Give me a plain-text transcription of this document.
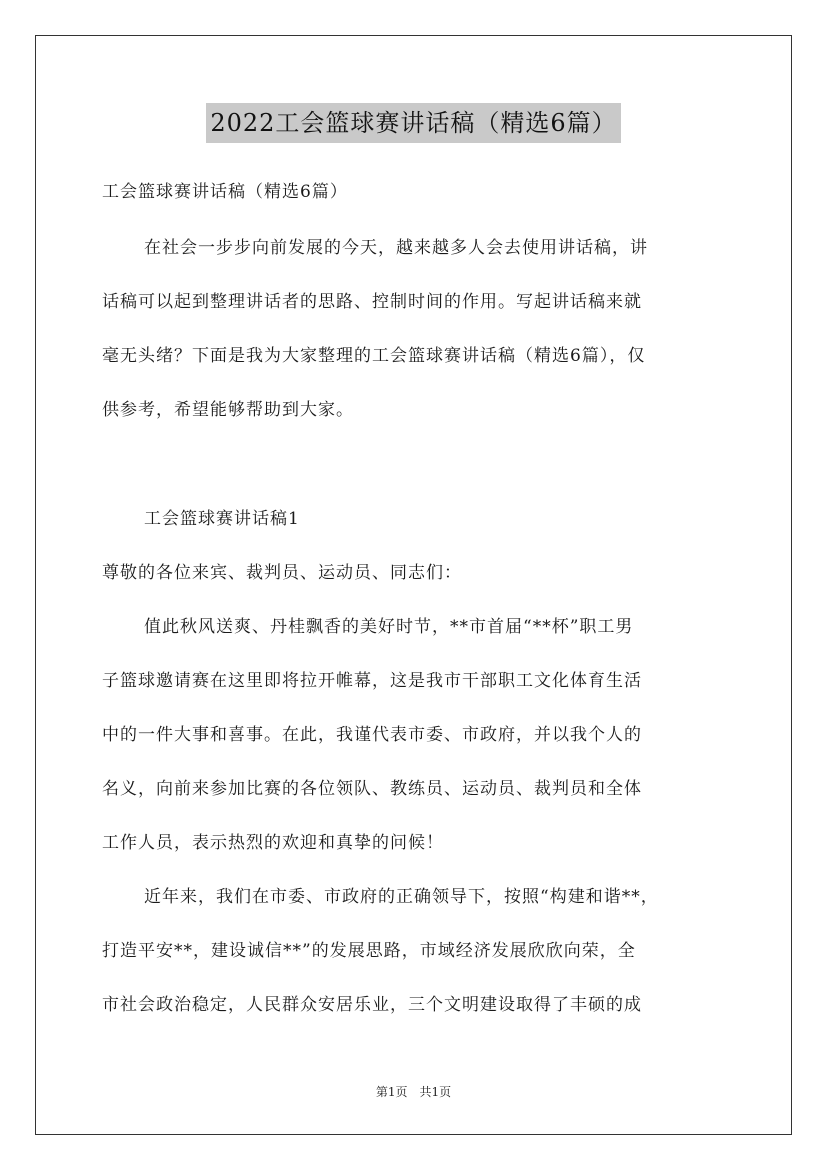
2022工会篮球赛讲话稿（精选6篇）
工会篮球赛讲话稿（精选6篇）
在社会一步步向前发展的今天，越来越多人会去使用讲话稿，讲
话稿可以起到整理讲话者的思路、控制时间的作用。写起讲话稿来就
毫无头绪？下面是我为大家整理的工会篮球赛讲话稿（精选6篇），仅
供参考，希望能够帮助到大家。
工会篮球赛讲话稿1
尊敬的各位来宾、裁判员、运动员、同志们：
值此秋风送爽、丹桂飘香的美好时节，**市首届“**杯”职工男
子篮球邀请赛在这里即将拉开帷幕，这是我市干部职工文化体育生活
中的一件大事和喜事。在此，我谨代表市委、市政府，并以我个人的
名义，向前来参加比赛的各位领队、教练员、运动员、裁判员和全体
工作人员，表示热烈的欢迎和真挚的问候！
近年来，我们在市委、市政府的正确领导下，按照“构建和谐**，
打造平安**，建设诚信**”的发展思路，市域经济发展欣欣向荣，全
市社会政治稳定，人民群众安居乐业，三个文明建设取得了丰硕的成
第1页　共1页
